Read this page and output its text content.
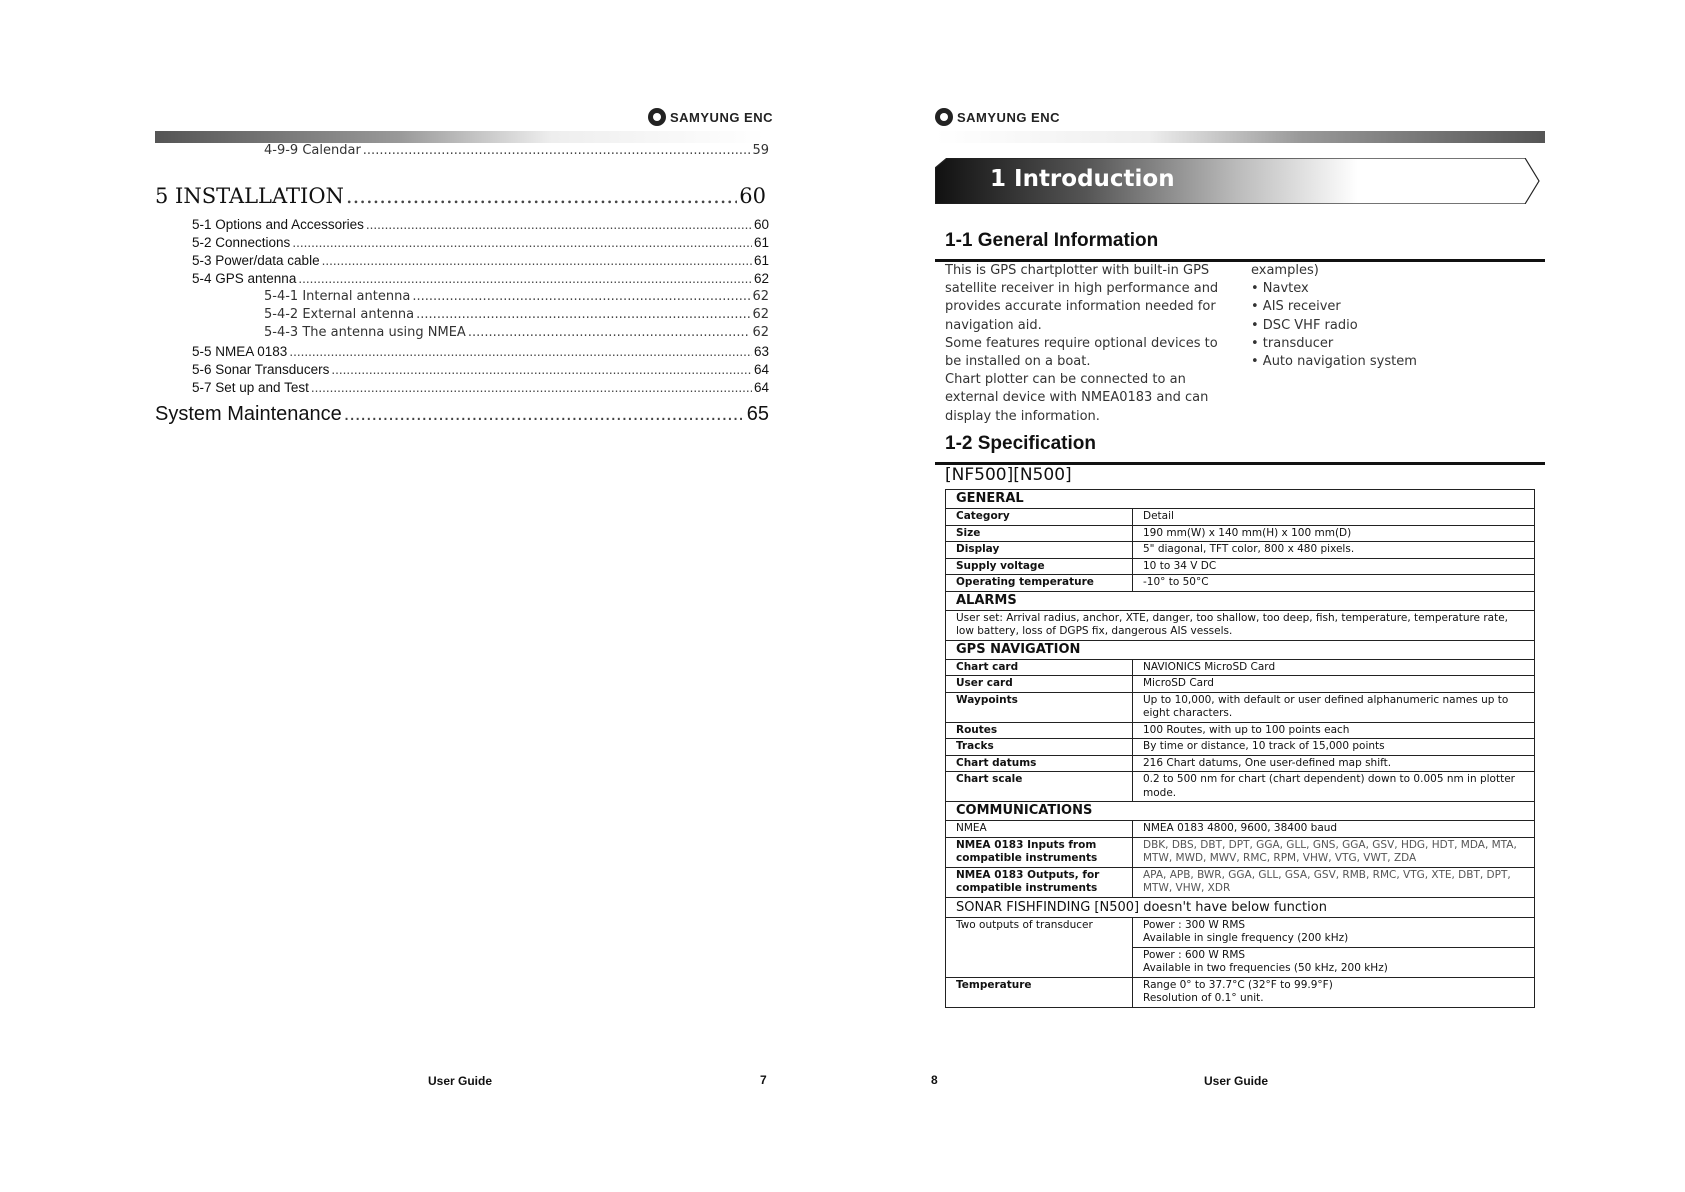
SAMYUNG ENC
4-9-9 Calendar .....	59
5 INSTALLATION .....	60
5-1 Options and Accessories .....	60
5-2 Connections .....	61
5-3 Power/data cable .....	61
5-4 GPS antenna .....	62
5-4-1 Internal antenna .....	62
5-4-2 External antenna .....	62
5-4-3 The antenna using NMEA .....	62
5-5 NMEA 0183 .....	63
5-6 Sonar Transducers .....	64
5-7 Set up and Test .....	64
System Maintenance .....	65
User Guide	7
SAMYUNG ENC
1 Introduction
1-1 General Information
This is GPS chartplotter with built-in GPS
satellite receiver in high performance and
provides accurate information needed for
navigation aid.
Some features require optional devices to
be installed on a boat.
Chart plotter can be connected to an
external device with NMEA0183 and can
display the information.
examples)
• Navtex
• AIS receiver
• DSC VHF radio
• transducer
• Auto navigation system
1-2 Specification
[NF500][N500]
GENERAL	
Category	Detail
Size	190 mm(W) x 140 mm(H) x 100 mm(D)
Display	5" diagonal, TFT color, 800 x 480 pixels.
Supply voltage	10 to 34 V DC
Operating temperature	-10° to 50°C
ALARMS	
User set: Arrival radius, anchor, XTE, danger, too shallow, too deep, fish, temperature, temperature rate, low battery, loss of DGPS fix, dangerous AIS vessels.	
GPS NAVIGATION	
Chart card	NAVIONICS MicroSD Card
User card	MicroSD Card
Waypoints	Up to 10,000, with default or user defined alphanumeric names up to eight characters.
Routes	100 Routes, with up to 100 points each
Tracks	By time or distance, 10 track of 15,000 points
Chart datums	216 Chart datums, One user-defined map shift.
Chart scale	0.2 to 500 nm for chart (chart dependent) down to 0.005 nm in plotter mode.
COMMUNICATIONS	
NMEA	NMEA 0183 4800, 9600, 38400 baud
NMEA 0183 Inputs from compatible instruments	DBK, DBS, DBT, DPT, GGA, GLL, GNS, GGA, GSV, HDG, HDT, MDA, MTA, MTW, MWD, MWV, RMC, RPM, VHW, VTG, VWT, ZDA
NMEA 0183 Outputs, for compatible instruments	APA, APB, BWR, GGA, GLL, GSA, GSV, RMB, RMC, VTG, XTE, DBT, DPT, MTW, VHW, XDR
SONAR FISHFINDING [N500] doesn't have below function	
Two outputs of transducer	Power : 300 W RMS
Available in single frequency (200 kHz)

	Power : 600 W RMS
Available in two frequencies (50 kHz, 200 kHz)

Temperature	Range 0° to 37.7°C (32°F to 99.9°F)
Resolution of 0.1° unit.
8	User Guide
